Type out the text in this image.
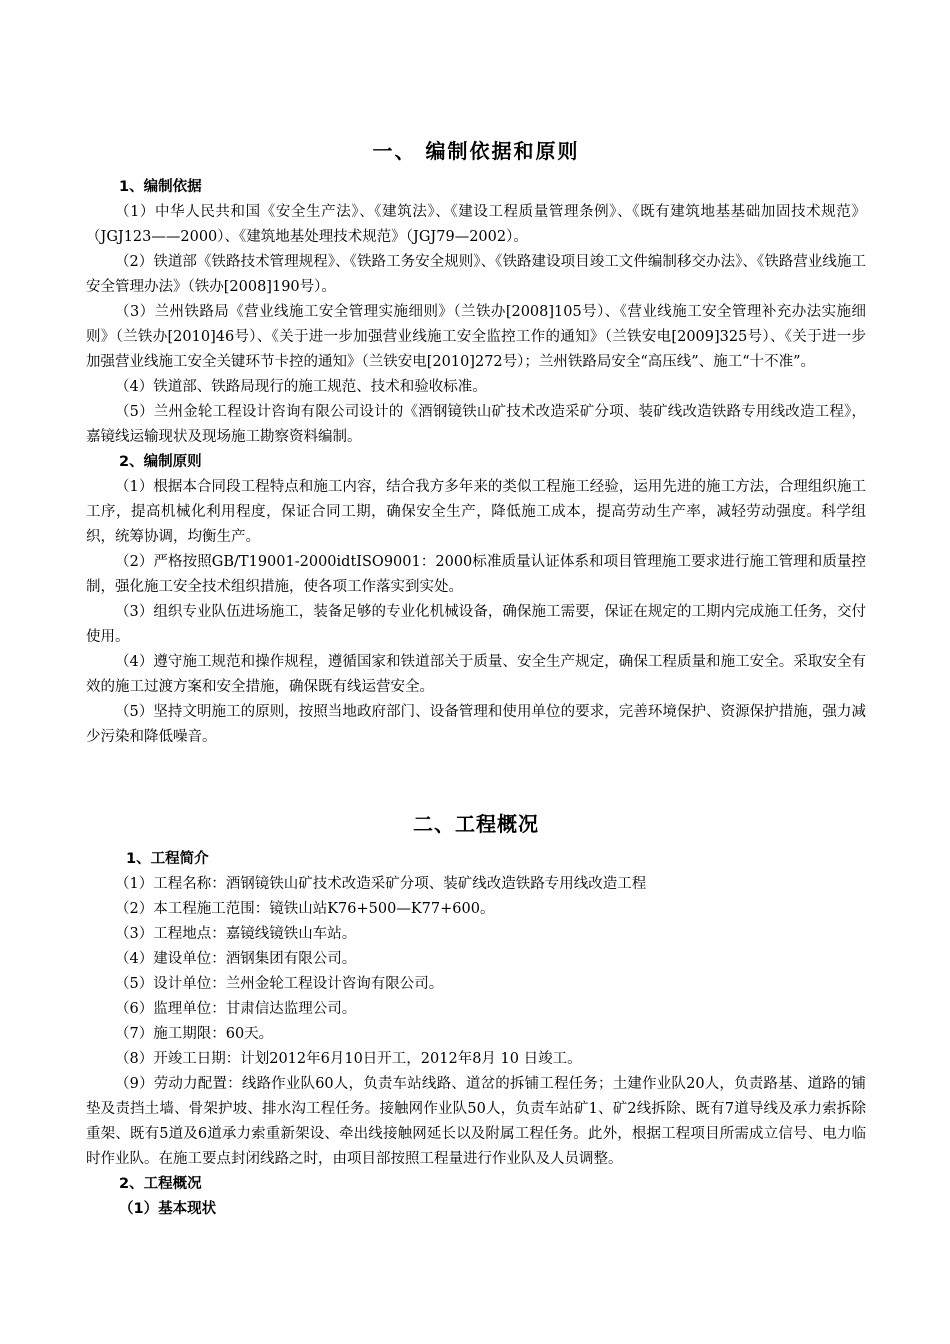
一、 编制依据和原则
1、编制依据

（1）中华人民共和国《安全生产法》、《建筑法》、《建设工程质量管理条例》、《既有建筑地基基础加固技术规范》（JGJ123——2000）、《建筑地基处理技术规范》（JGJ79—2002）。

（2）铁道部《铁路技术管理规程》、《铁路工务安全规则》、《铁路建设项目竣工文件编制移交办法》、《铁路营业线施工安全管理办法》（铁办[2008]190号）。

（3）兰州铁路局《营业线施工安全管理实施细则》（兰铁办[2008]105号）、《营业线施工安全管理补充办法实施细则》（兰铁办[2010]46号）、《关于进一步加强营业线施工安全监控工作的通知》（兰铁安电[2009]325号）、《关于进一步加强营业线施工安全关键环节卡控的通知》（兰铁安电[2010]272号）；兰州铁路局安全“高压线”、施工“十不准”。

（4）铁道部、铁路局现行的施工规范、技术和验收标准。

（5）兰州金轮工程设计咨询有限公司设计的《酒钢镜铁山矿技术改造采矿分项、装矿线改造铁路专用线改造工程》，嘉镜线运输现状及现场施工勘察资料编制。

2、编制原则

（1）根据本合同段工程特点和施工内容，结合我方多年来的类似工程施工经验，运用先进的施工方法，合理组织施工工序，提高机械化利用程度，保证合同工期，确保安全生产，降低施工成本，提高劳动生产率，减轻劳动强度。科学组织，统筹协调，均衡生产。

（2）严格按照GB/T19001-2000idtISO9001：2000标准质量认证体系和项目管理施工要求进行施工管理和质量控制，强化施工安全技术组织措施，使各项工作落实到实处。

（3）组织专业队伍进场施工，装备足够的专业化机械设备，确保施工需要，保证在规定的工期内完成施工任务，交付使用。

（4）遵守施工规范和操作规程，遵循国家和铁道部关于质量、安全生产规定，确保工程质量和施工安全。采取安全有效的施工过渡方案和安全措施，确保既有线运营安全。

（5）坚持文明施工的原则，按照当地政府部门、设备管理和使用单位的要求，完善环境保护、资源保护措施，强力减少污染和降低噪音。

二、工程概况
1、工程简介

（1）工程名称：酒钢镜铁山矿技术改造采矿分项、装矿线改造铁路专用线改造工程

（2）本工程施工范围：镜铁山站K76+500—K77+600。

（3）工程地点：嘉镜线镜铁山车站。

（4）建设单位：酒钢集团有限公司。

（5）设计单位：兰州金轮工程设计咨询有限公司。

（6）监理单位：甘肃信达监理公司。

（7）施工期限：60天。

（8）开竣工日期：计划2012年6月10日开工，2012年8月 10 日竣工。

（9）劳动力配置：线路作业队60人，负责车站线路、道岔的拆铺工程任务；土建作业队20人，负责路基、道路的铺垫及责挡土墙、骨架护坡、排水沟工程任务。接触网作业队50人，负责车站矿1、矿2线拆除、既有7道导线及承力索拆除重架、既有5道及6道承力索重新架设、牵出线接触网延长以及附属工程任务。此外，根据工程项目所需成立信号、电力临时作业队。在施工要点封闭线路之时，由项目部按照工程量进行作业队及人员调整。

2、工程概况
（1）基本现状
